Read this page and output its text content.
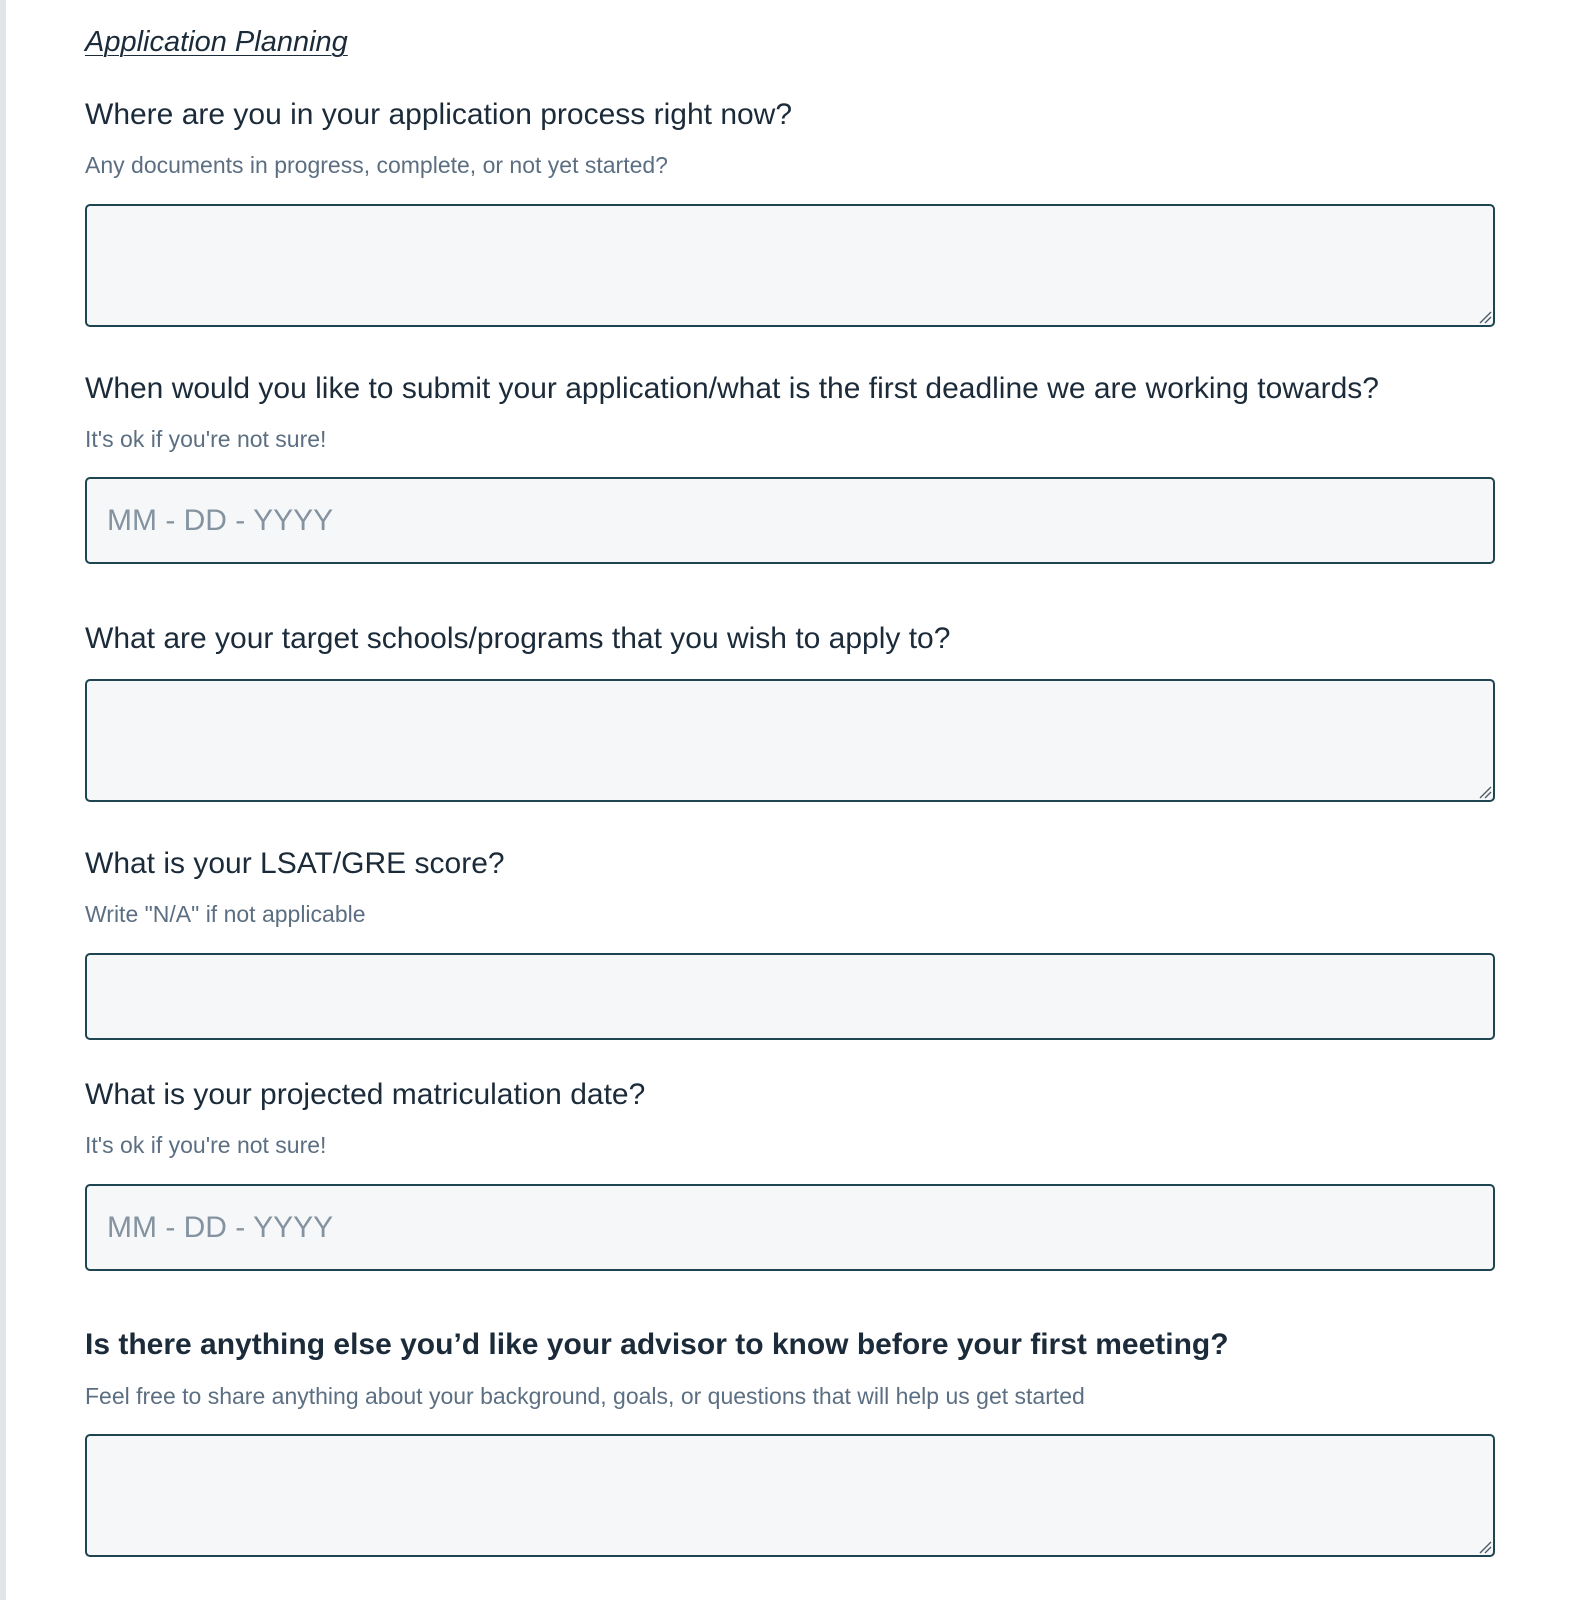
Application Planning
Where are you in your application process right now?
Any documents in progress, complete, or not yet started?
When would you like to submit your application/what is the first deadline we are working towards?
It's ok if you're not sure!
MM - DD - YYYY
What are your target schools/programs that you wish to apply to?
What is your LSAT/GRE score?
Write "N/A" if not applicable
What is your projected matriculation date?
It's ok if you're not sure!
MM - DD - YYYY
Is there anything else you’d like your advisor to know before your first meeting?
Feel free to share anything about your background, goals, or questions that will help us get started
